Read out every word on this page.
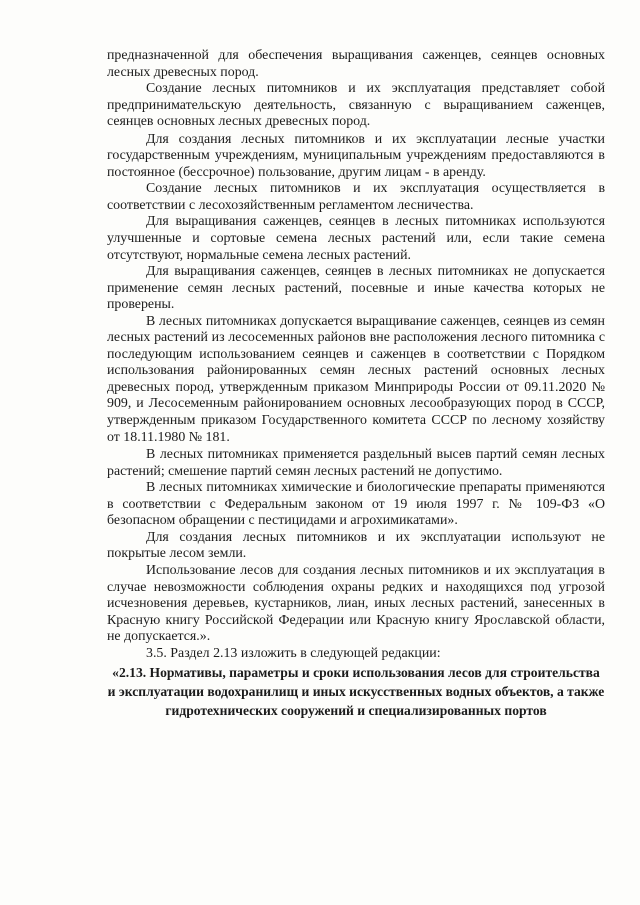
предназначенной для обеспечения выращивания саженцев, сеянцев основных лесных древесных пород.

Создание лесных питомников и их эксплуатация представляет собой предпринимательскую деятельность, связанную с выращиванием саженцев, сеянцев основных лесных древесных пород.

Для создания лесных питомников и их эксплуатации лесные участки государственным учреждениям, муниципальным учреждениям предоставляются в постоянное (бессрочное) пользование, другим лицам - в аренду.

Создание лесных питомников и их эксплуатация осуществляется в соответствии с лесохозяйственным регламентом лесничества.

Для выращивания саженцев, сеянцев в лесных питомниках используются улучшенные и сортовые семена лесных растений или, если такие семена отсутствуют, нормальные семена лесных растений.

Для выращивания саженцев, сеянцев в лесных питомниках не допускается применение семян лесных растений, посевные и иные качества которых не проверены.

В лесных питомниках допускается выращивание саженцев, сеянцев из семян лесных растений из лесосеменных районов вне расположения лесного питомника с последующим использованием сеянцев и саженцев в соответствии с Порядком использования районированных семян лесных растений основных лесных древесных пород, утвержденным приказом Минприроды России от 09.11.2020 № 909, и Лесосеменным районированием основных лесообразующих пород в СССР, утвержденным приказом Государственного комитета СССР по лесному хозяйству от 18.11.1980 № 181.

В лесных питомниках применяется раздельный высев партий семян лесных растений; смешение партий семян лесных растений не допустимо.

В лесных питомниках химические и биологические препараты применяются в соответствии с Федеральным законом от 19 июля 1997 г. № 109-ФЗ «О безопасном обращении с пестицидами и агрохимикатами».

Для создания лесных питомников и их эксплуатации используют не покрытые лесом земли.

Использование лесов для создания лесных питомников и их эксплуатация в случае невозможности соблюдения охраны редких и находящихся под угрозой исчезновения деревьев, кустарников, лиан, иных лесных растений, занесенных в Красную книгу Российской Федерации или Красную книгу Ярославской области, не допускается.».

3.5. Раздел 2.13 изложить в следующей редакции:

«2.13. Нормативы, параметры и сроки использования лесов для строительства и эксплуатации водохранилищ и иных искусственных водных объектов, а также гидротехнических сооружений и специализированных портов
